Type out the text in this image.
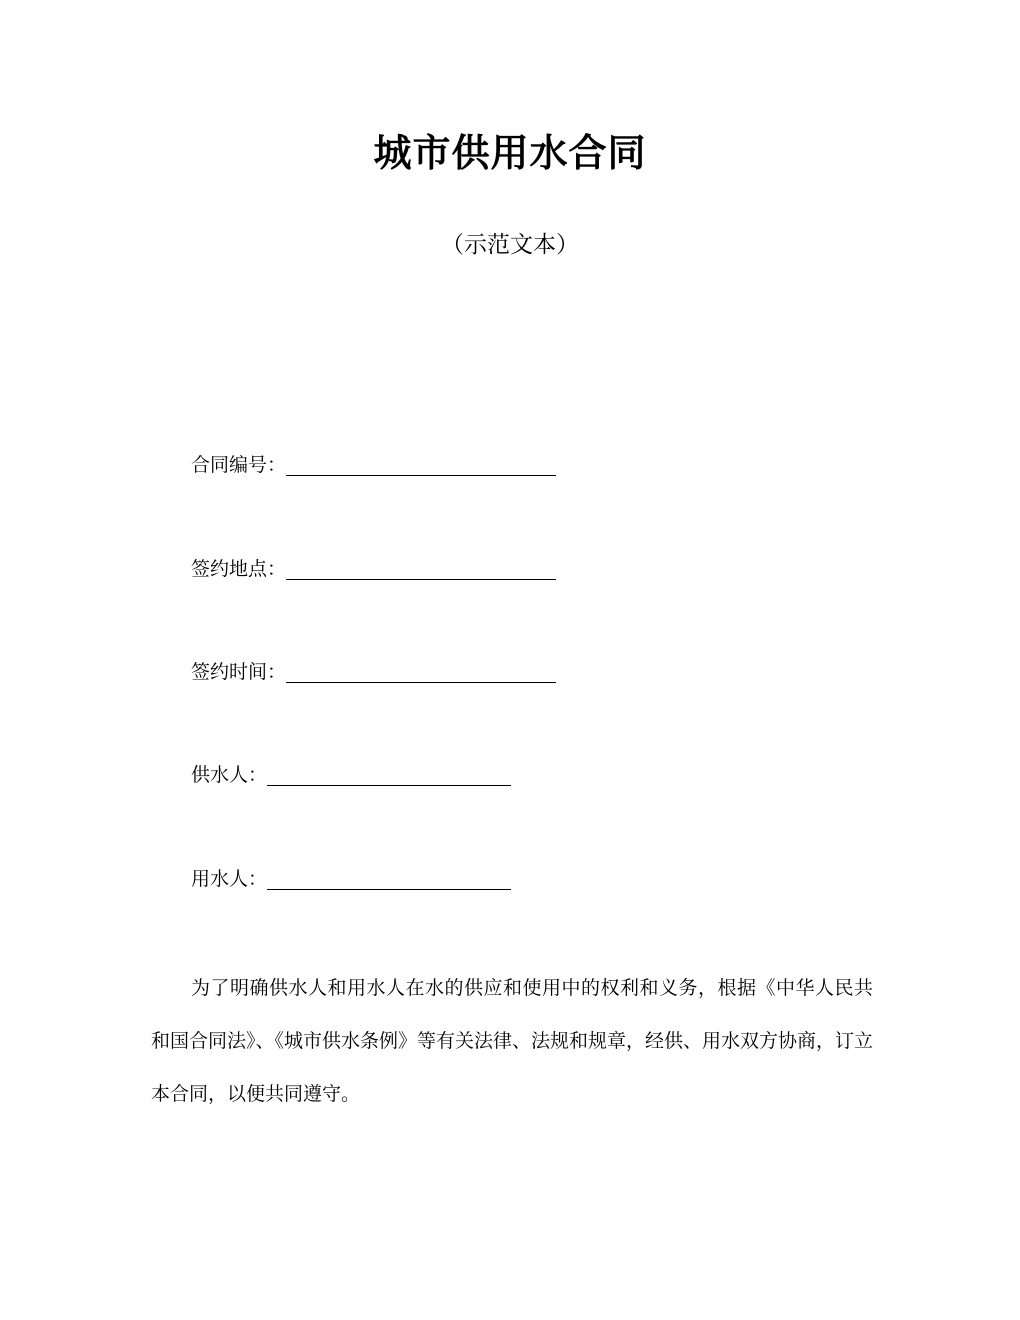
城市供用水合同
（示范文本）
合同编号：
签约地点：
签约时间：
供水人：
用水人：
为了明确供水人和用水人在水的供应和使用中的权利和义务，根据《中华人民共和国合同法》、《城市供水条例》等有关法律、法规和规章，经供、用水双方协商，订立本合同，以便共同遵守。
